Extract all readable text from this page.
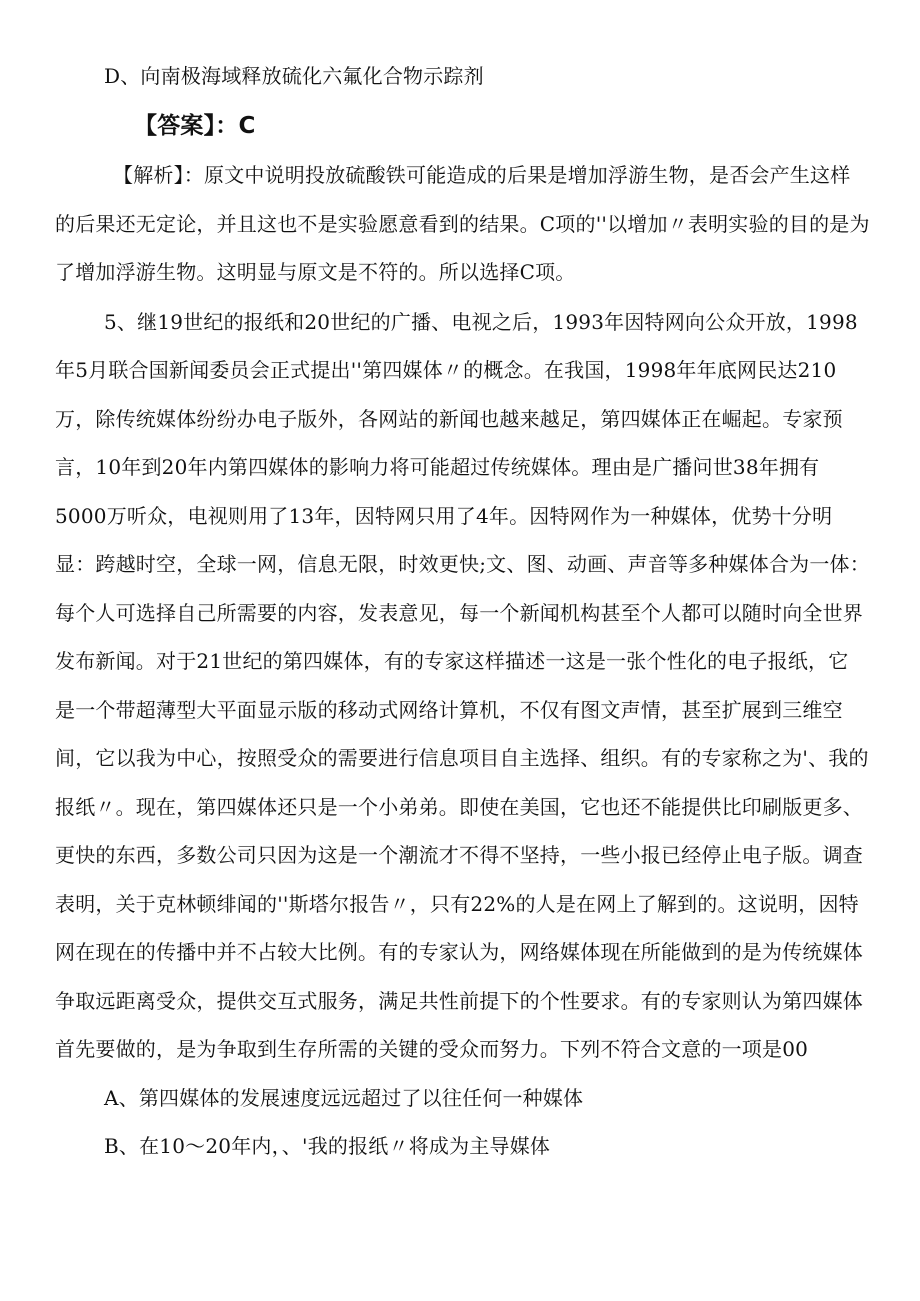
D、向南极海域释放硫化六氟化合物示踪剂
【答案】：C
【解析】：原文中说明投放硫酸铁可能造成的后果是增加浮游生物，是否会产生这样
的后果还无定论，并且这也不是实验愿意看到的结果。C项的''以增加〃表明实验的目的是为
了增加浮游生物。这明显与原文是不符的。所以选择C项。
5、继19世纪的报纸和20世纪的广播、电视之后，1993年因特网向公众开放，1998
年5月联合国新闻委员会正式提出''第四媒体〃的概念。在我国，1998年年底网民达210
万，除传统媒体纷纷办电子版外，各网站的新闻也越来越足，第四媒体正在崛起。专家预
言，10年到20年内第四媒体的影响力将可能超过传统媒体。理由是广播问世38年拥有
5000万听众，电视则用了13年，因特网只用了4年。因特网作为一种媒体，优势十分明
显：跨越时空，全球一网，信息无限，时效更快;文、图、动画、声音等多种媒体合为一体：
每个人可选择自己所需要的内容，发表意见，每一个新闻机构甚至个人都可以随时向全世界
发布新闻。对于21世纪的第四媒体，有的专家这样描述一这是一张个性化的电子报纸，它
是一个带超薄型大平面显示版的移动式网络计算机，不仅有图文声情，甚至扩展到三维空
间，它以我为中心，按照受众的需要进行信息项目自主选择、组织。有的专家称之为'、我的
报纸〃。现在，第四媒体还只是一个小弟弟。即使在美国，它也还不能提供比印刷版更多、
更快的东西，多数公司只因为这是一个潮流才不得不坚持，一些小报已经停止电子版。调查
表明，关于克林顿绯闻的''斯塔尔报告〃，只有22%的人是在网上了解到的。这说明，因特
网在现在的传播中并不占较大比例。有的专家认为，网络媒体现在所能做到的是为传统媒体
争取远距离受众，提供交互式服务，满足共性前提下的个性要求。有的专家则认为第四媒体
首先要做的，是为争取到生存所需的关键的受众而努力。下列不符合文意的一项是00
A、第四媒体的发展速度远远超过了以往任何一种媒体
B、在10〜20年内，、'我的报纸〃将成为主导媒体
